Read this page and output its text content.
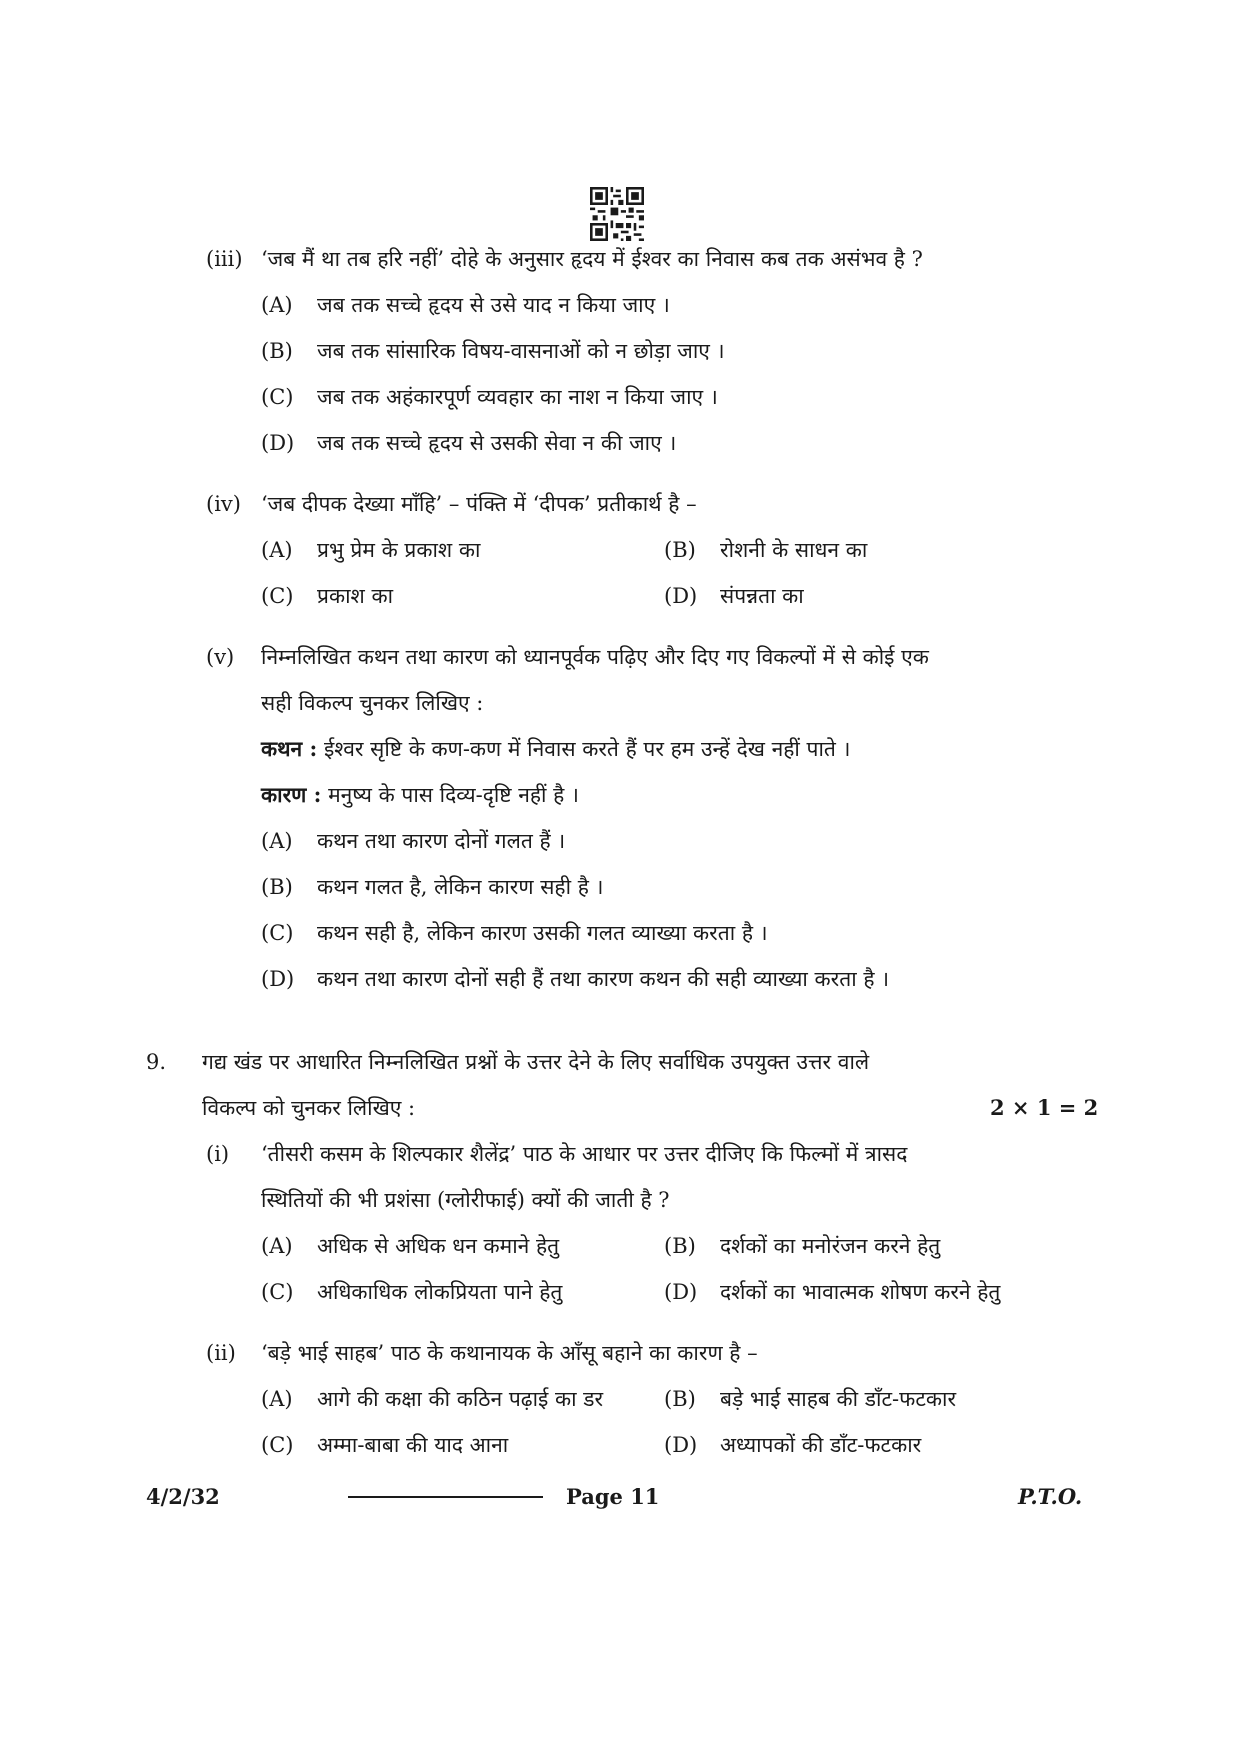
(iii) ‘जब मैं था तब हरि नहीं’ दोहे के अनुसार हृदय में ईश्वर का निवास कब तक असंभव है ?
(A) जब तक सच्चे हृदय से उसे याद न किया जाए ।
(B) जब तक सांसारिक विषय-वासनाओं को न छोड़ा जाए ।
(C) जब तक अहंकारपूर्ण व्यवहार का नाश न किया जाए ।
(D) जब तक सच्चे हृदय से उसकी सेवा न की जाए ।
(iv) ‘जब दीपक देख्या माँहि’ – पंक्ति में ‘दीपक’ प्रतीकार्थ है –
(A) प्रभु प्रेम के प्रकाश का	(B) रोशनी के साधन का
(C) प्रकाश का	(D) संपन्नता का
(v) निम्नलिखित कथन तथा कारण को ध्यानपूर्वक पढ़िए और दिए गए विकल्पों में से कोई एक
सही विकल्प चुनकर लिखिए :
कथन : ईश्वर सृष्टि के कण-कण में निवास करते हैं पर हम उन्हें देख नहीं पाते ।
कारण : मनुष्य के पास दिव्य-दृष्टि नहीं है ।
(A) कथन तथा कारण दोनों गलत हैं ।
(B) कथन गलत है, लेकिन कारण सही है ।
(C) कथन सही है, लेकिन कारण उसकी गलत व्याख्या करता है ।
(D) कथन तथा कारण दोनों सही हैं तथा कारण कथन की सही व्याख्या करता है ।
9. गद्य खंड पर आधारित निम्नलिखित प्रश्नों के उत्तर देने के लिए सर्वाधिक उपयुक्त उत्तर वाले
विकल्प को चुनकर लिखिए :	2 × 1 = 2
(i) ‘तीसरी कसम के शिल्पकार शैलेंद्र’ पाठ के आधार पर उत्तर दीजिए कि फिल्मों में त्रासद
स्थितियों की भी प्रशंसा (ग्लोरीफाई) क्यों की जाती है ?
(A) अधिक से अधिक धन कमाने हेतु	(B) दर्शकों का मनोरंजन करने हेतु
(C) अधिकाधिक लोकप्रियता पाने हेतु	(D) दर्शकों का भावात्मक शोषण करने हेतु
(ii) ‘बड़े भाई साहब’ पाठ के कथानायक के आँसू बहाने का कारण है –
(A) आगे की कक्षा की कठिन पढ़ाई का डर	(B) बड़े भाई साहब की डाँट-फटकार
(C) अम्मा-बाबा की याद आना	(D) अध्यापकों की डाँट-फटकार
4/2/32	Page 11	P.T.O.
